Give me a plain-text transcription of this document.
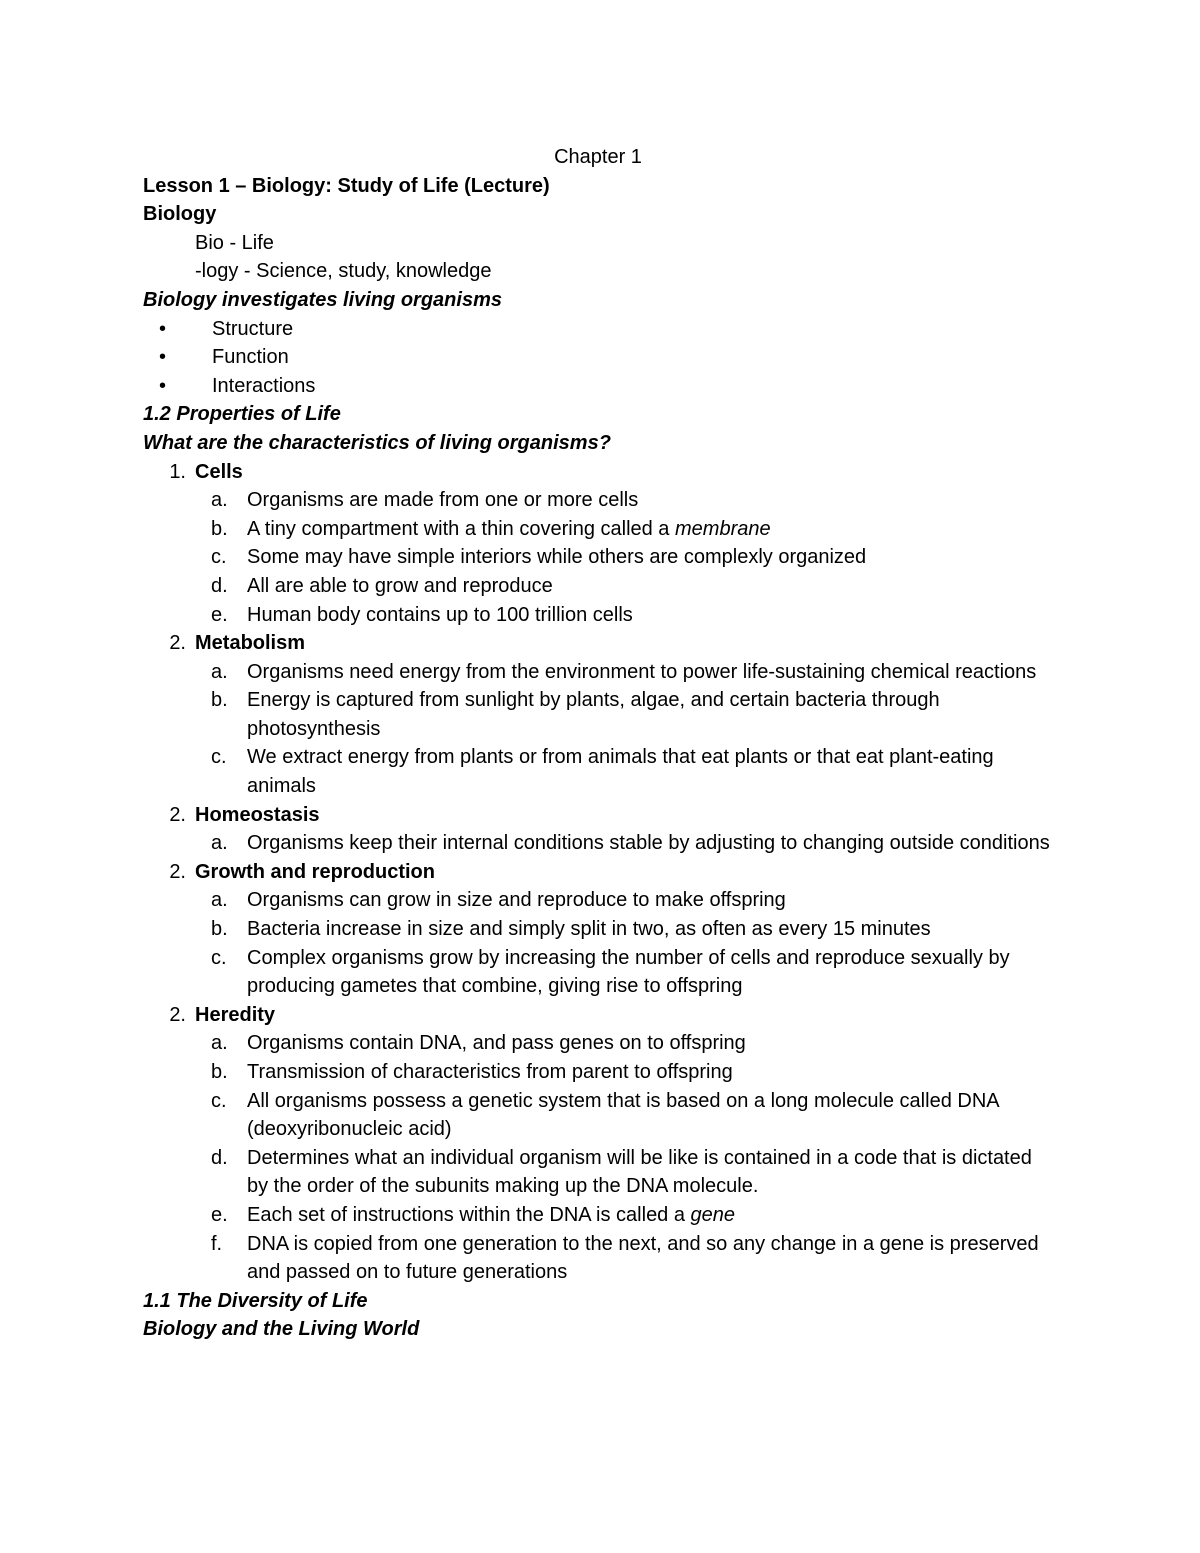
Chapter 1
Lesson 1 – Biology: Study of Life (Lecture)
Biology
Bio - Life
-logy - Science, study, knowledge
Biology investigates living organisms
•	Structure
•	Function
•	Interactions
1.2 Properties of Life
What are the characteristics of living organisms?
1. Cells
a. Organisms are made from one or more cells
b. A tiny compartment with a thin covering called a membrane
c.	Some may have simple interiors while others are complexly organized
d. All are able to grow and reproduce
e. Human body contains up to 100 trillion cells
2. Metabolism
a. Organisms need energy from the environment to power life-sustaining chemical reactions
b. Energy is captured from sunlight by plants, algae, and certain bacteria through photosynthesis
c.	We extract energy from plants or from animals that eat plants or that eat plant-eating animals
2. Homeostasis
a. Organisms keep their internal conditions stable by adjusting to changing outside conditions
2. Growth and reproduction
a. Organisms can grow in size and reproduce to make offspring
b. Bacteria increase in size and simply split in two, as often as every 15 minutes
c.	Complex organisms grow by increasing the number of cells and reproduce sexually by producing gametes that combine, giving rise to offspring
2. Heredity
a. Organisms contain DNA, and pass genes on to offspring
b. Transmission of characteristics from parent to offspring
c.	All organisms possess a genetic system that is based on a long molecule called DNA (deoxyribonucleic acid)
d. Determines what an individual organism will be like is contained in a code that is dictated by the order of the subunits making up the DNA molecule.
e. Each set of instructions within the DNA is called a gene
f.	DNA is copied from one generation to the next, and so any change in a gene is preserved and passed on to future generations
1.1 The Diversity of Life
Biology and the Living World
